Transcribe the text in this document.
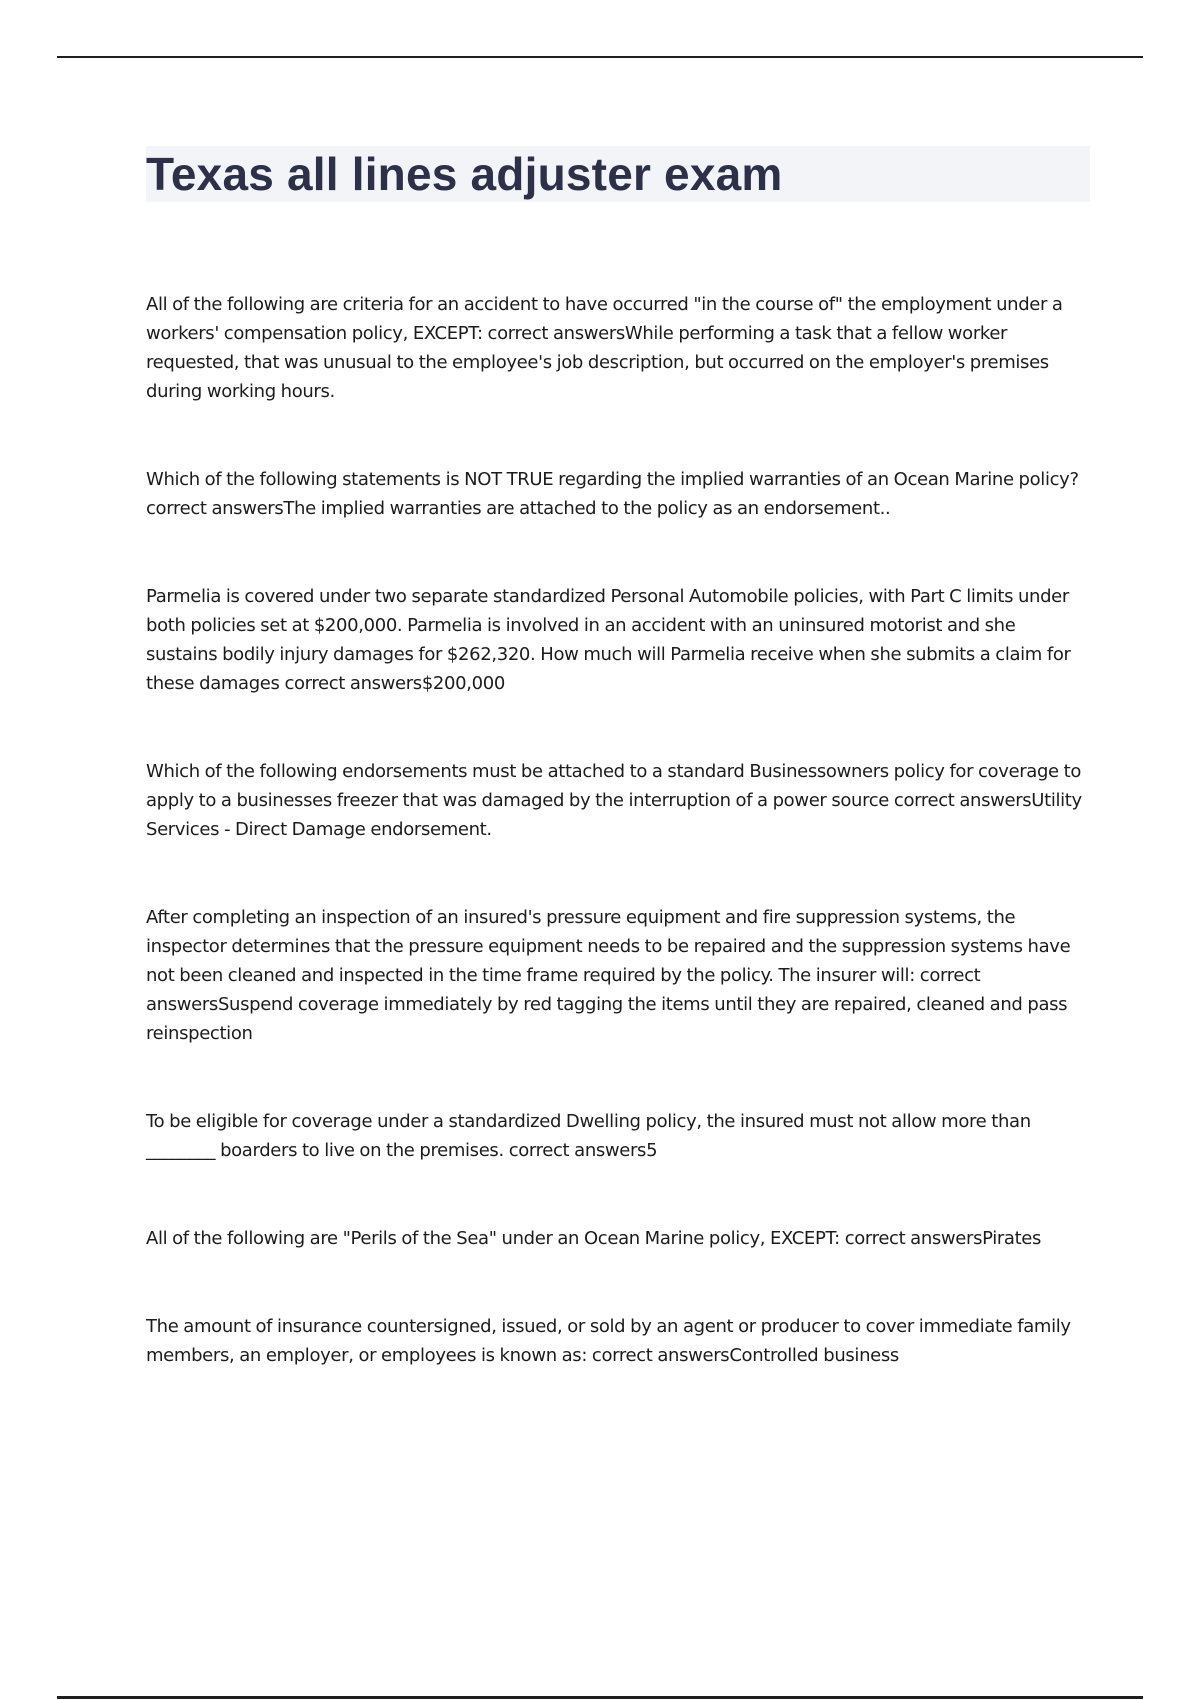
Texas all lines adjuster exam

All of the following are criteria for an accident to have occurred "in the course of" the employment under a workers' compensation policy, EXCEPT: correct answersWhile performing a task that a fellow worker requested, that was unusual to the employee's job description, but occurred on the employer's premises during working hours.

Which of the following statements is NOT TRUE regarding the implied warranties of an Ocean Marine policy? correct answersThe implied warranties are attached to the policy as an endorsement..

Parmelia is covered under two separate standardized Personal Automobile policies, with Part C limits under both policies set at $200,000. Parmelia is involved in an accident with an uninsured motorist and she sustains bodily injury damages for $262,320. How much will Parmelia receive when she submits a claim for these damages correct answers$200,000

Which of the following endorsements must be attached to a standard Businessowners policy for coverage to apply to a businesses freezer that was damaged by the interruption of a power source correct answersUtility Services - Direct Damage endorsement.

After completing an inspection of an insured's pressure equipment and fire suppression systems, the inspector determines that the pressure equipment needs to be repaired and the suppression systems have not been cleaned and inspected in the time frame required by the policy. The insurer will: correct answersSuspend coverage immediately by red tagging the items until they are repaired, cleaned and pass reinspection

To be eligible for coverage under a standardized Dwelling policy, the insured must not allow more than ________ boarders to live on the premises. correct answers5

All of the following are "Perils of the Sea" under an Ocean Marine policy, EXCEPT: correct answersPirates

The amount of insurance countersigned, issued, or sold by an agent or producer to cover immediate family members, an employer, or employees is known as: correct answersControlled business
